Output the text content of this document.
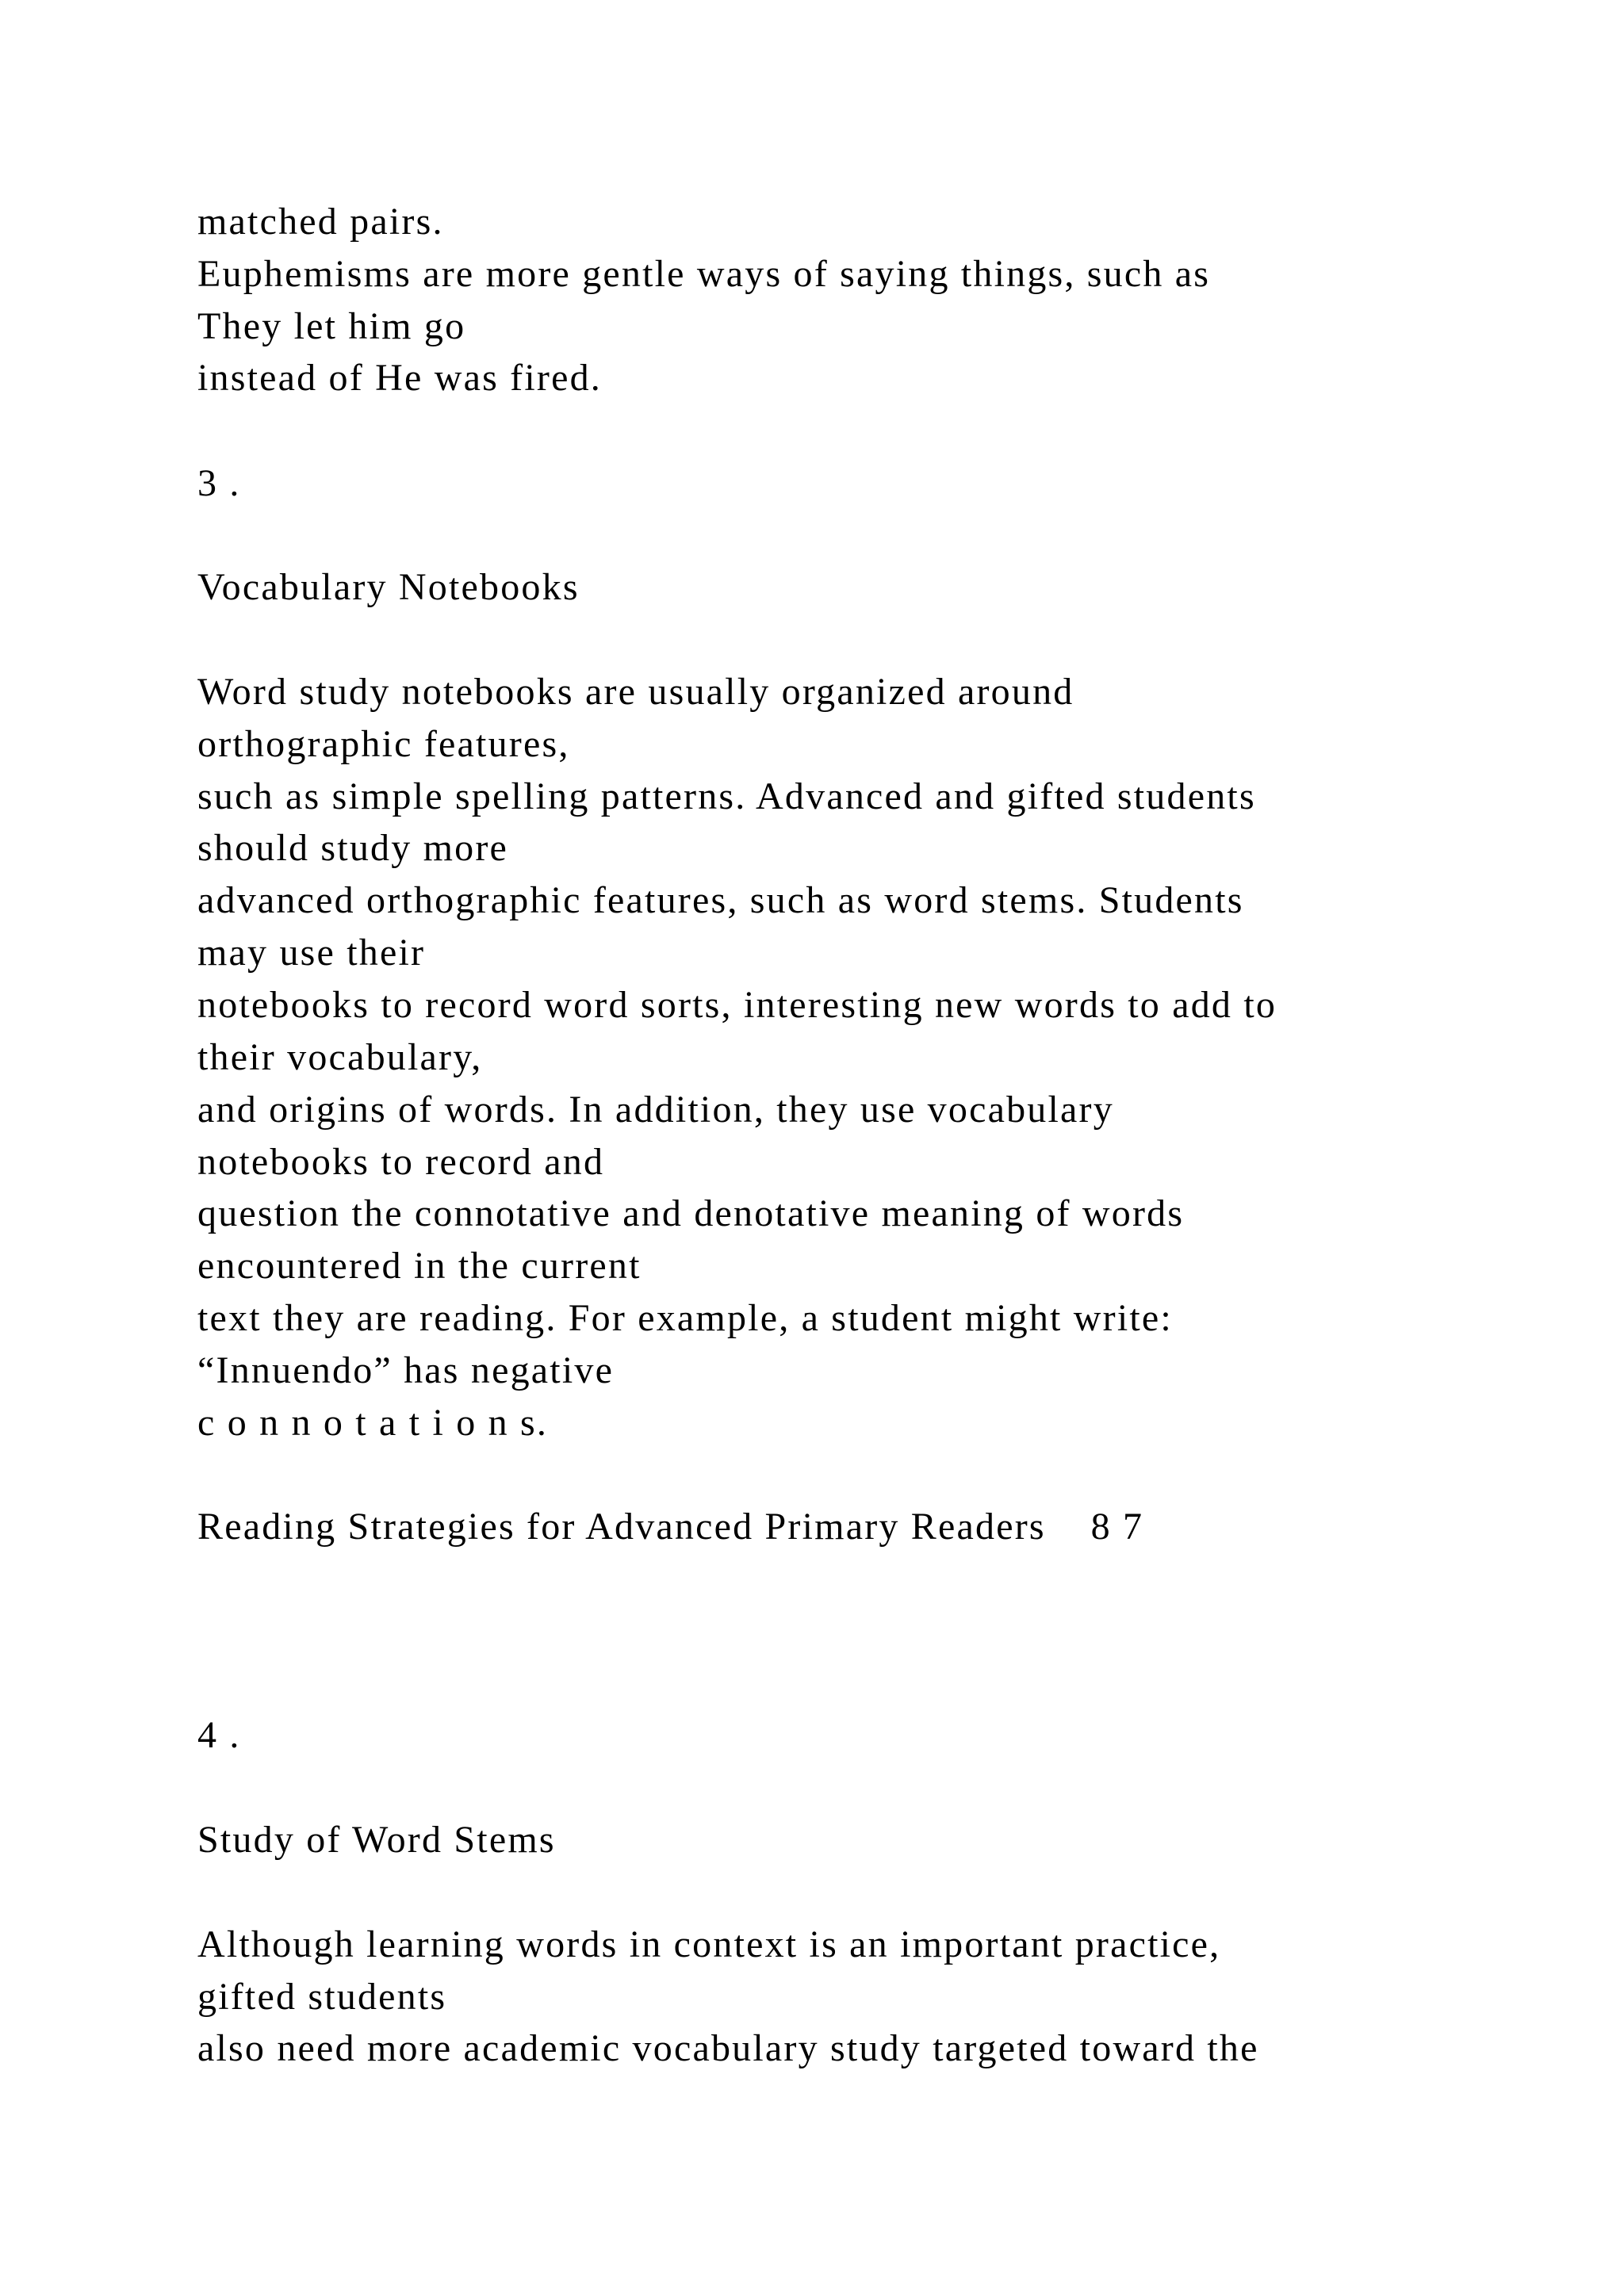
matched pairs.

Euphemisms are more gentle ways of saying things, such as

They let him go

instead of He was fired.

3 .

Vocabulary Notebooks

Word study notebooks are usually organized around

orthographic features,

such as simple spelling patterns. Advanced and gifted students

should study more

advanced orthographic features, such as word stems. Students

may use their

notebooks to record word sorts, interesting new words to add to

their vocabulary,

and origins of words. In addition, they use vocabulary

notebooks to record and

question the connotative and denotative meaning of words

encountered in the current

text they are reading. For example, a student might write:

“Innuendo” has negative

c o n n o t a t i o n s.

Reading Strategies for Advanced Primary Readers    8 7

4 .

Study of Word Stems

Although learning words in context is an important practice,

gifted students

also need more academic vocabulary study targeted toward the
